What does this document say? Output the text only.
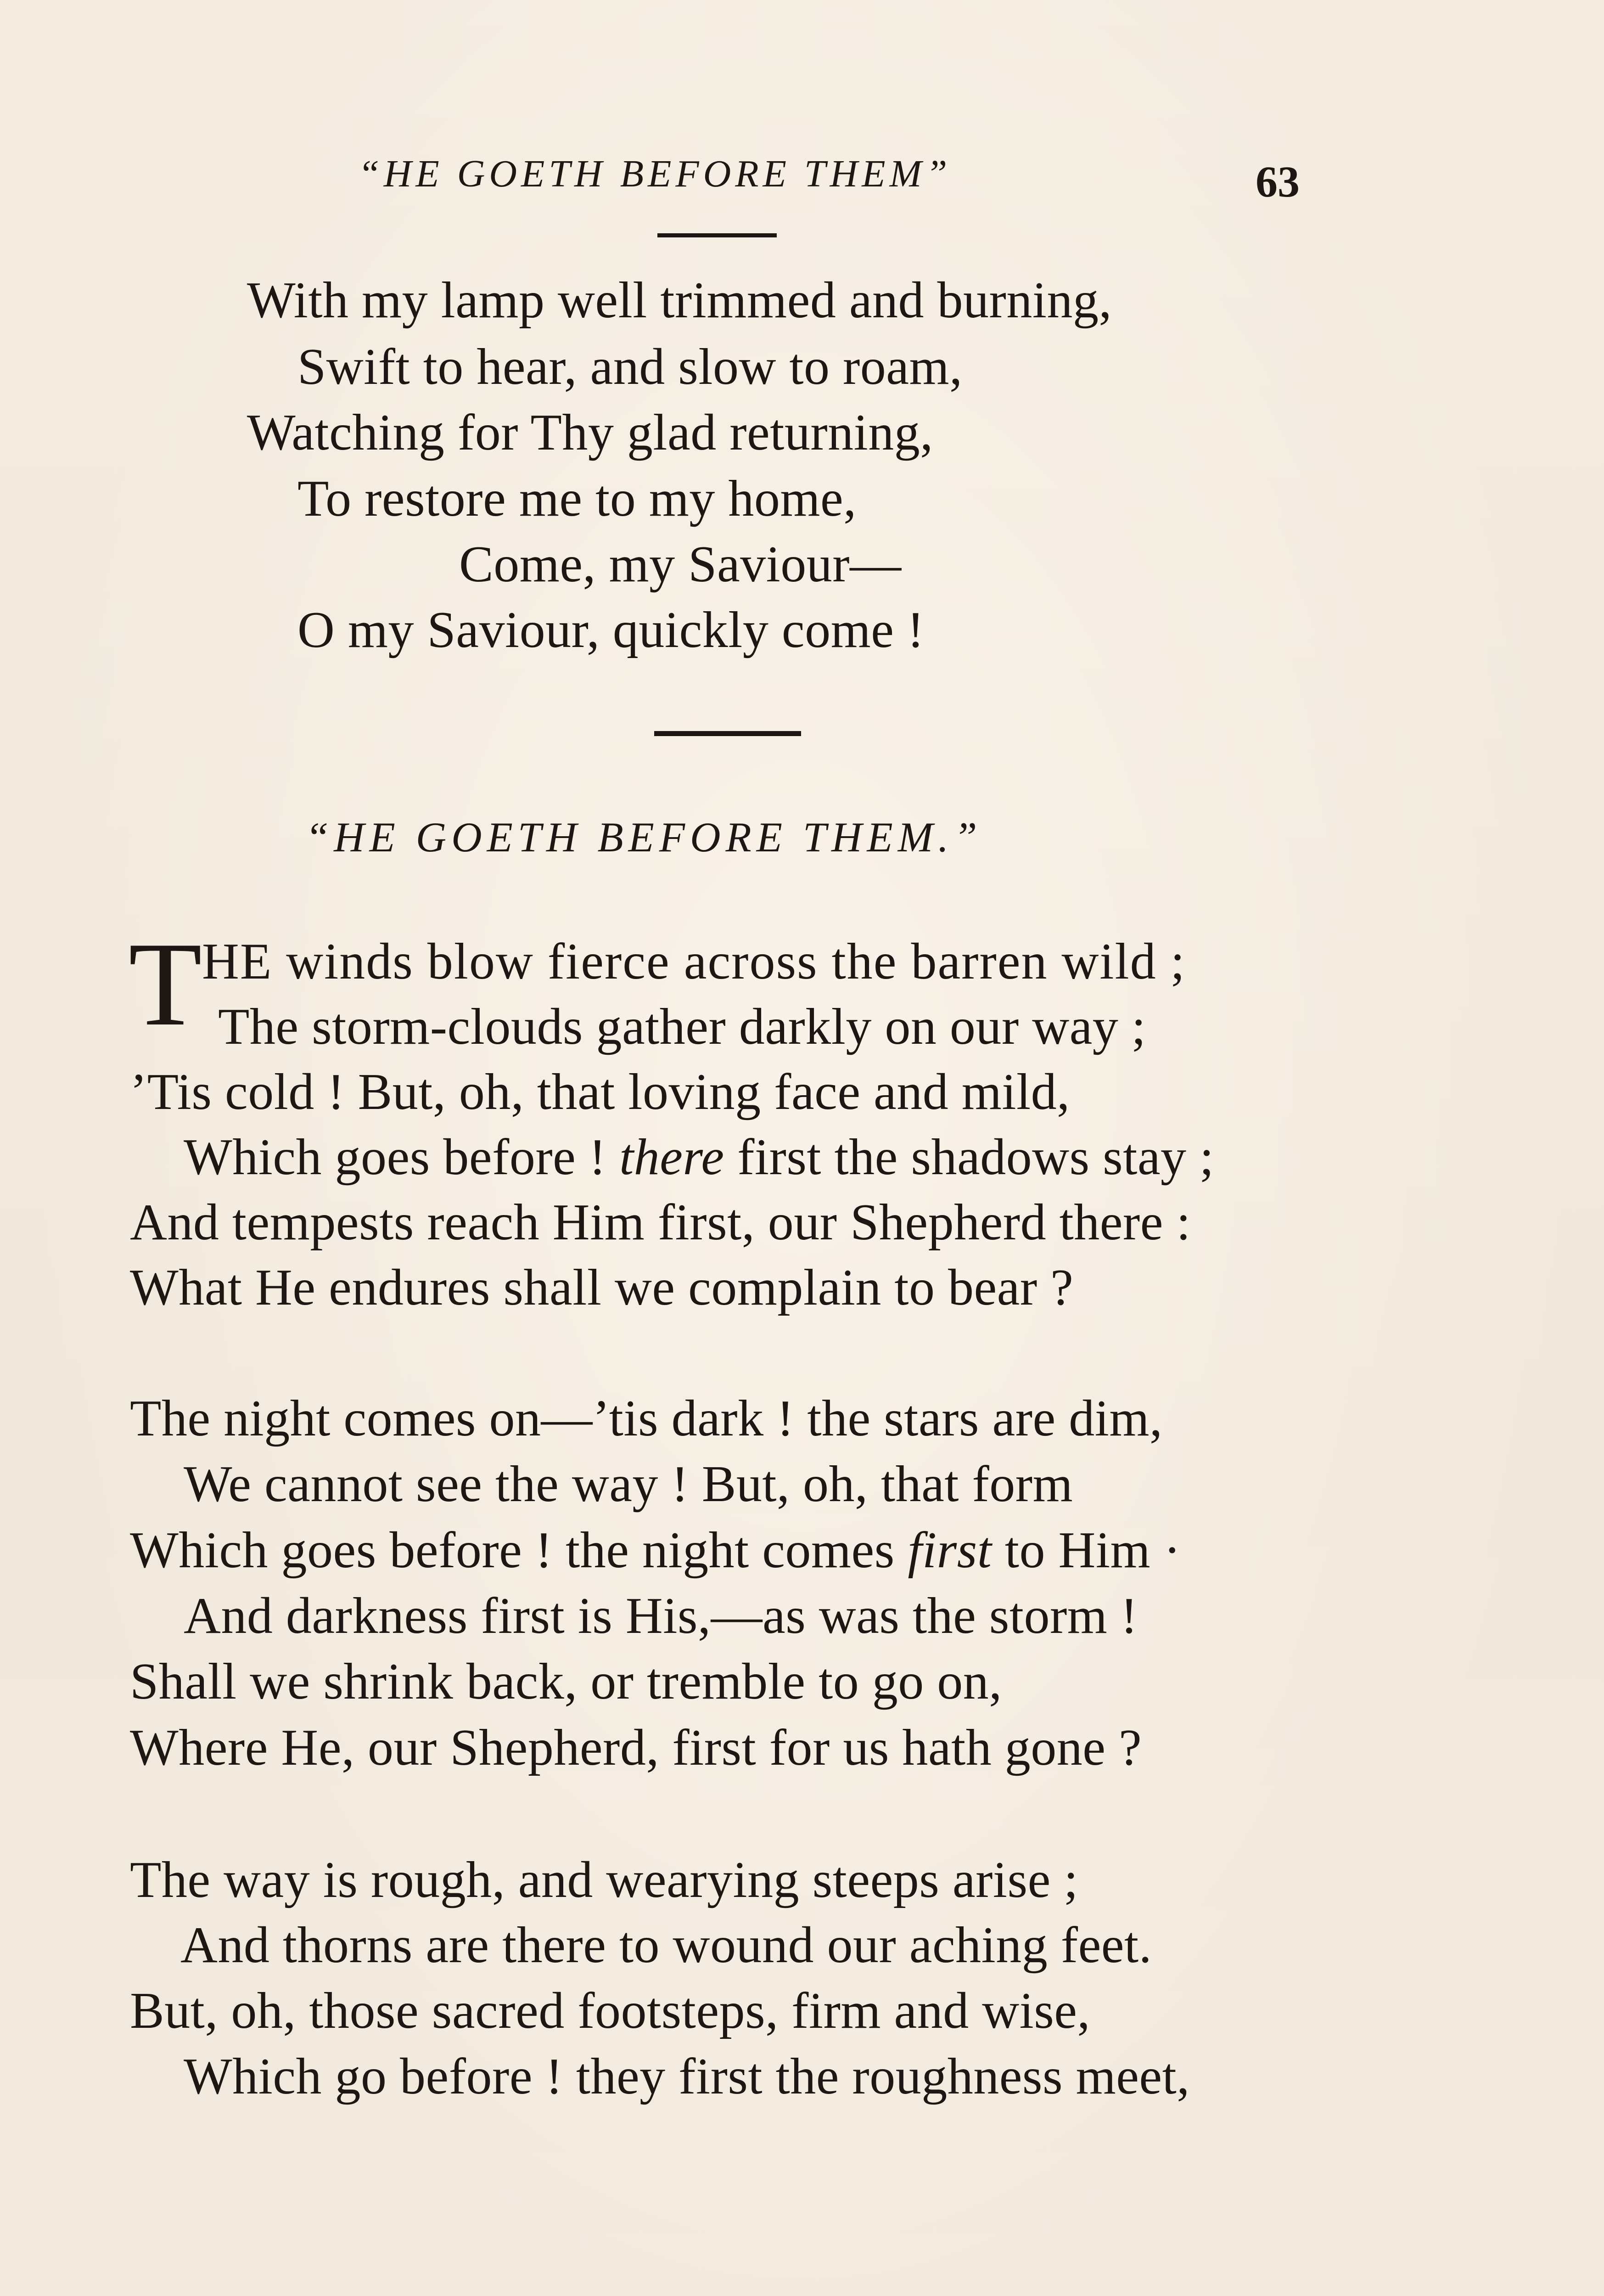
“HE GOETH BEFORE THEM”	63
With my lamp well trimmed and burning,
Swift to hear, and slow to roam,
Watching for Thy glad returning,
To restore me to my home,
Come, my Saviour—
O my Saviour, quickly come !
“HE GOETH BEFORE THEM.”
T HE winds blow fierce across the barren wild ;
The storm-clouds gather darkly on our way ;
’Tis cold ! But, oh, that loving face and mild,
Which goes before ! there first the shadows stay ;
And tempests reach Him first, our Shepherd there :
What He endures shall we complain to bear ?
The night comes on—’tis dark ! the stars are dim,
We cannot see the way ! But, oh, that form
Which goes before ! the night comes first to Him ·
And darkness first is His,—as was the storm !
Shall we shrink back, or tremble to go on,
Where He, our Shepherd, first for us hath gone ?
The way is rough, and wearying steeps arise ;
And thorns are there to wound our aching feet.
But, oh, those sacred footsteps, firm and wise,
Which go before ! they first the roughness meet,
